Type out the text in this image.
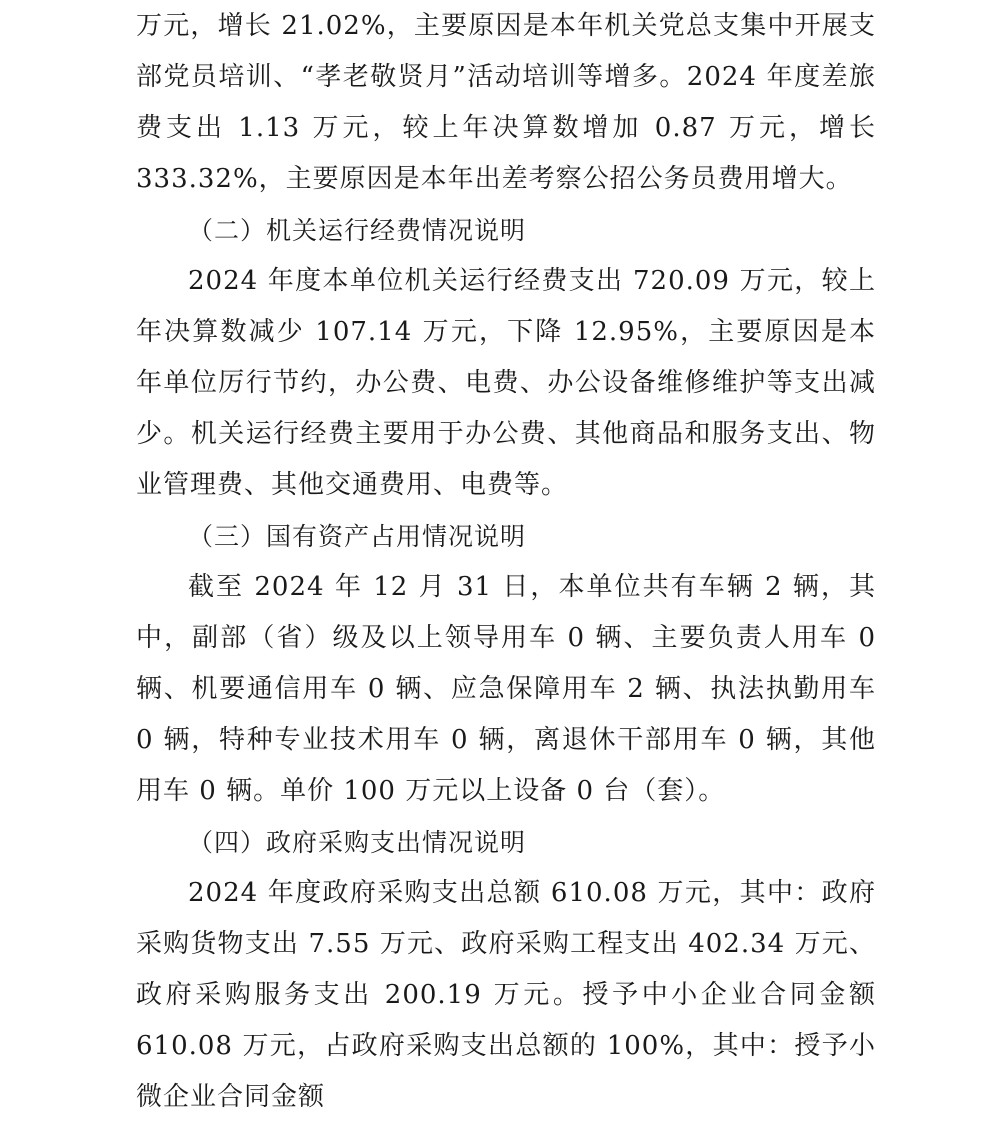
万元，增长 21.02%，主要原因是本年机关党总支集中开展支部党员培训、“孝老敬贤月”活动培训等增多。2024 年度差旅费支出 1.13 万元，较上年决算数增加 0.87 万元，增长 333.32%，主要原因是本年出差考察公招公务员费用增大。

（二）机关运行经费情况说明

2024 年度本单位机关运行经费支出 720.09 万元，较上年决算数减少 107.14 万元，下降 12.95%，主要原因是本年单位厉行节约，办公费、电费、办公设备维修维护等支出减少。机关运行经费主要用于办公费、其他商品和服务支出、物业管理费、其他交通费用、电费等。

（三）国有资产占用情况说明

截至 2024 年 12 月 31 日，本单位共有车辆 2 辆，其中，副部（省）级及以上领导用车 0 辆、主要负责人用车 0 辆、机要通信用车 0 辆、应急保障用车 2 辆、执法执勤用车 0 辆，特种专业技术用车 0 辆，离退休干部用车 0 辆，其他用车 0 辆。单价 100 万元以上设备 0 台（套）。

（四）政府采购支出情况说明

2024 年度政府采购支出总额 610.08 万元，其中：政府采购货物支出 7.55 万元、政府采购工程支出 402.34 万元、政府采购服务支出 200.19 万元。授予中小企业合同金额 610.08 万元，占政府采购支出总额的 100%，其中：授予小微企业合同金额
